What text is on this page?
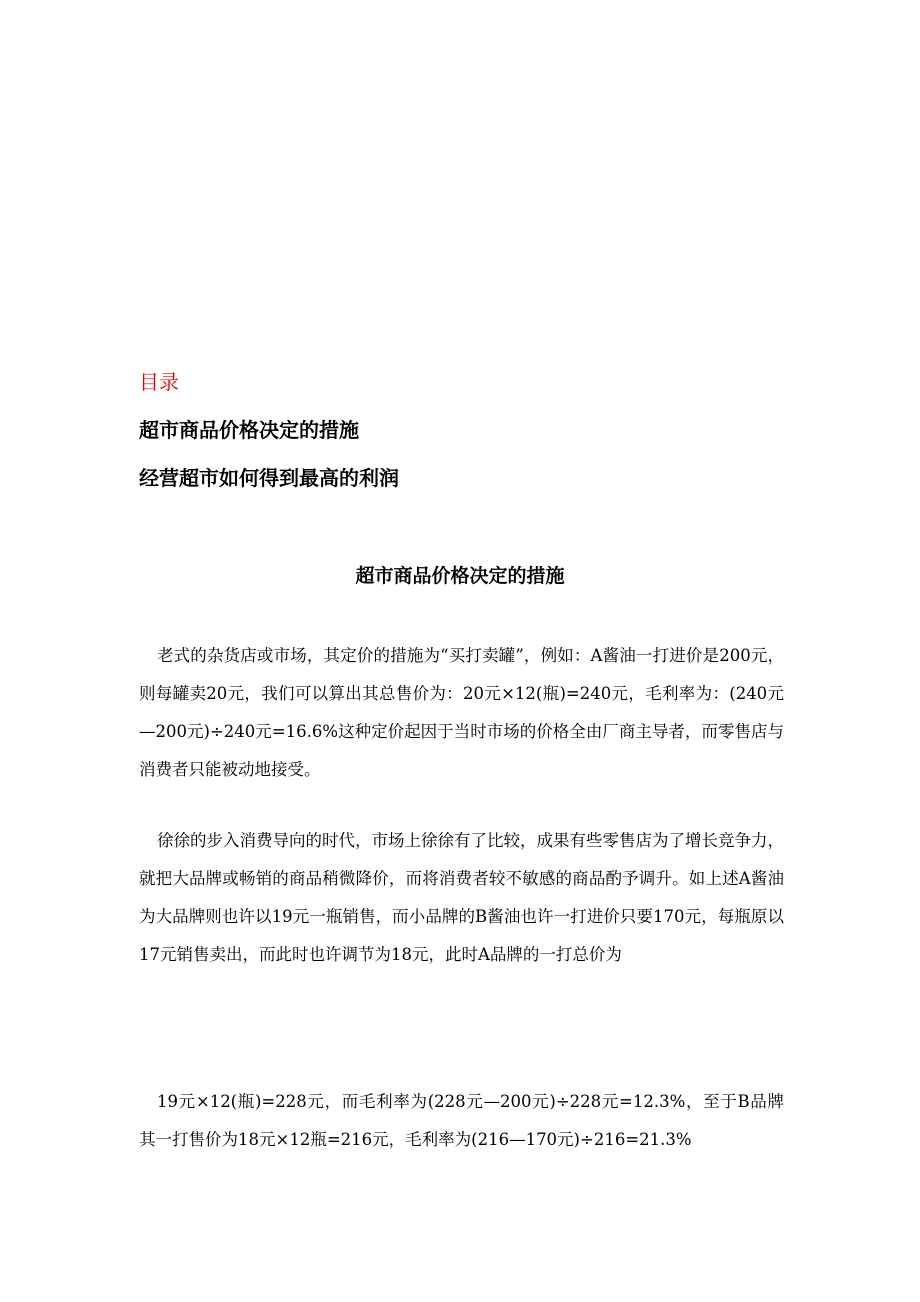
目录
超市商品价格决定的措施
经营超市如何得到最高的利润
超市商品价格决定的措施

老式的杂货店或市场，其定价的措施为“买打卖罐”，例如：A酱油一打进价是200元，则每罐卖20元，我们可以算出其总售价为：20元×12(瓶)=240元，毛利率为：(240元—200元)÷240元=16.6%这种定价起因于当时市场的价格全由厂商主导者，而零售店与消费者只能被动地接受。

徐徐的步入消费导向的时代，市场上徐徐有了比较，成果有些零售店为了增长竞争力，就把大品牌或畅销的商品稍微降价，而将消费者较不敏感的商品酌予调升。如上述A酱油为大品牌则也许以19元一瓶销售，而小品牌的B酱油也许一打进价只要170元，每瓶原以17元销售卖出，而此时也许调节为18元，此时A品牌的一打总价为

19元×12(瓶)=228元，而毛利率为(228元—200元)÷228元=12.3%，至于B品牌其一打售价为18元×12瓶=216元，毛利率为(216—170元)÷216=21.3%
